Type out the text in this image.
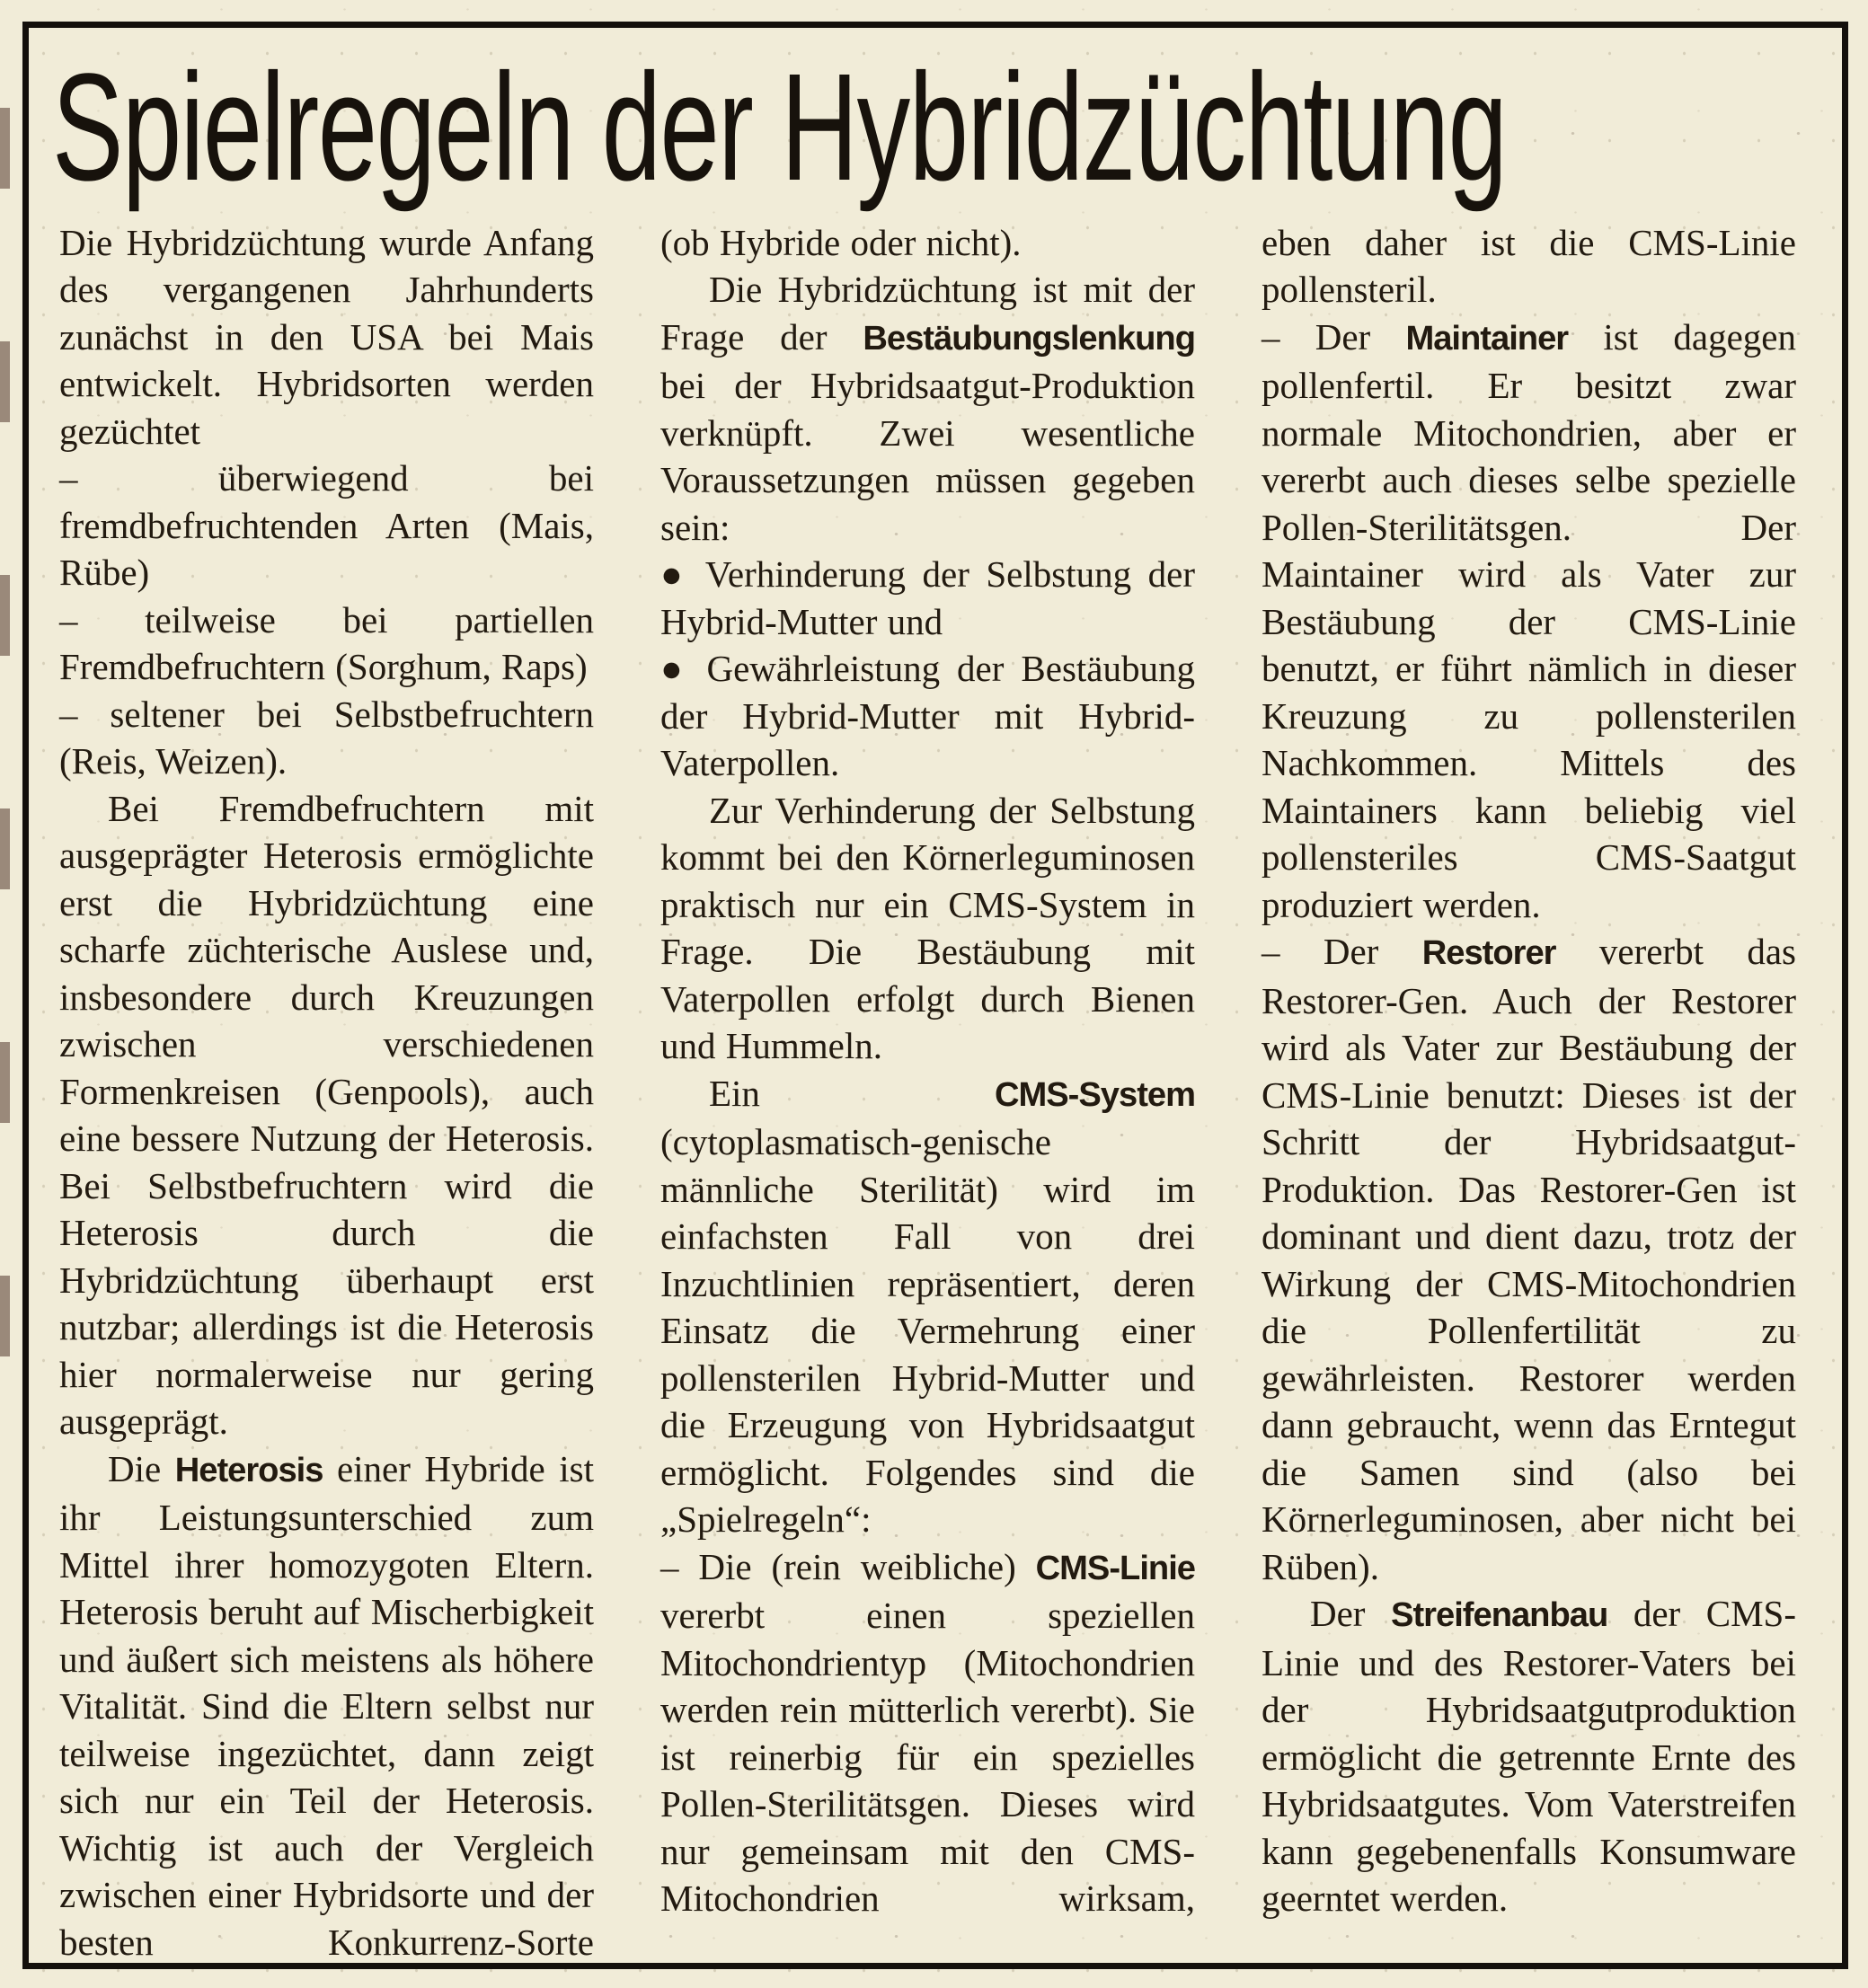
Spielregeln der Hybridzüchtung

Die Hybridzüchtung wurde Anfang des vergangenen Jahrhunderts zunächst in den USA bei Mais entwickelt. Hybridsorten werden gezüchtet

– überwiegend bei fremdbefruchtenden Arten (Mais, Rübe)

– teilweise bei partiellen Fremdbefruchtern (Sorghum, Raps)

– seltener bei Selbstbefruchtern (Reis, Weizen).

Bei Fremdbefruchtern mit ausgeprägter Heterosis ermöglichte erst die Hybridzüchtung eine scharfe züchterische Auslese und, insbesondere durch Kreuzungen zwischen verschiedenen Formenkreisen (Genpools), auch eine bessere Nutzung der Heterosis. Bei Selbstbefruchtern wird die Heterosis durch die Hybridzüchtung überhaupt erst nutzbar; allerdings ist die Heterosis hier normalerweise nur gering ausgeprägt.

Die Heterosis einer Hybride ist ihr Leistungsunterschied zum Mittel ihrer homozygoten Eltern. Heterosis beruht auf Mischerbigkeit und äußert sich meistens als höhere Vitalität. Sind die Eltern selbst nur teilweise ingezüchtet, dann zeigt sich nur ein Teil der Heterosis. Wichtig ist auch der Vergleich zwischen einer Hybridsorte und der besten Konkurrenz-Sorte

(ob Hybride oder nicht).

Die Hybridzüchtung ist mit der Frage der Bestäubungslenkung bei der Hybridsaatgut-Produktion verknüpft. Zwei wesentliche Voraussetzungen müssen gegeben sein:

● Verhinderung der Selbstung der Hybrid-Mutter und

● Gewährleistung der Bestäubung der Hybrid-Mutter mit Hybrid-Vaterpollen.

Zur Verhinderung der Selbstung kommt bei den Körnerleguminosen praktisch nur ein CMS-System in Frage. Die Bestäubung mit Vaterpollen erfolgt durch Bienen und Hummeln.

Ein CMS-System (cytoplasmatisch-genische männliche Sterilität) wird im einfachsten Fall von drei Inzuchtlinien repräsentiert, deren Einsatz die Vermehrung einer pollensterilen Hybrid-Mutter und die Erzeugung von Hybridsaatgut ermöglicht. Folgendes sind die „Spielregeln“:

– Die (rein weibliche) CMS-Linie vererbt einen speziellen Mitochondrientyp (Mitochondrien werden rein mütterlich vererbt). Sie ist reinerbig für ein spezielles Pollen-Sterilitätsgen. Dieses wird nur gemeinsam mit den CMS-Mitochondrien wirksam,

eben daher ist die CMS-Linie pollensteril.

– Der Maintainer ist dagegen pollenfertil. Er besitzt zwar normale Mitochondrien, aber er vererbt auch dieses selbe spezielle Pollen-Sterilitätsgen. Der Maintainer wird als Vater zur Bestäubung der CMS-Linie benutzt, er führt nämlich in dieser Kreuzung zu pollensterilen Nachkommen. Mittels des Maintainers kann beliebig viel pollensteriles CMS-Saatgut produziert werden.

– Der Restorer vererbt das Restorer-Gen. Auch der Restorer wird als Vater zur Bestäubung der CMS-Linie benutzt: Dieses ist der Schritt der Hybridsaatgut-Produktion. Das Restorer-Gen ist dominant und dient dazu, trotz der Wirkung der CMS-Mitochondrien die Pollenfertilität zu gewährleisten. Restorer werden dann gebraucht, wenn das Erntegut die Samen sind (also bei Körnerleguminosen, aber nicht bei Rüben).

Der Streifenanbau der CMS-Linie und des Restorer-Vaters bei der Hybridsaatgutproduktion ermöglicht die getrennte Ernte des Hybridsaatgutes. Vom Vaterstreifen kann gegebenenfalls Konsumware geerntet werden.
